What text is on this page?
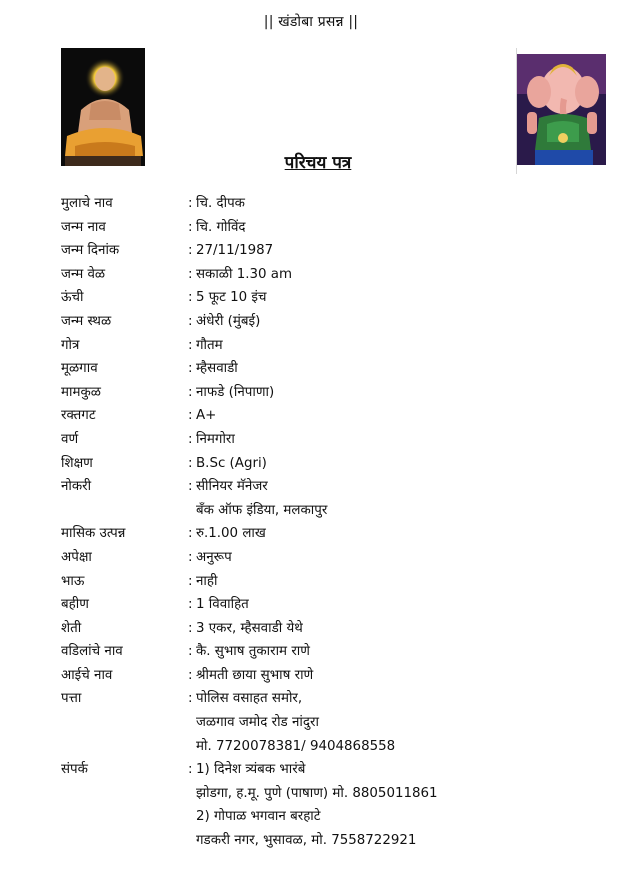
|| खंडोबा प्रसन्न ||
परिचय पत्र
मुलाचे नाव	: चि. दीपक
जन्म नाव	: चि. गोविंद
जन्म दिनांक	: 27/11/1987
जन्म वेळ	: सकाळी 1.30 am
ऊंची	: 5 फूट 10 इंच
जन्म स्थळ	: अंधेरी (मुंबई)
गोत्र	: गौतम
मूळगाव	: म्हैसवाडी
मामकुळ	: नाफडे (निपाणा)
रक्तगट	: A+
वर्ण	: निमगोरा
शिक्षण	: B.Sc (Agri)
नोकरी	: सीनियर मॅनेजर
बँक ऑफ इंडिया, मलकापुर
मासिक उत्पन्न	: रु.1.00 लाख
अपेक्षा	: अनुरूप
भाऊ	: नाही
बहीण	: 1 विवाहित
शेती	: 3 एकर, म्हैसवाडी येथे
वडिलांचे नाव	: कै. सुभाष तुकाराम राणे
आईचे नाव	: श्रीमती छाया सुभाष राणे
पत्ता	: पोलिस वसाहत समोर,
जळगाव जमोद रोड नांदुरा
मो. 7720078381/ 9404868558
संपर्क	: 1) दिनेश त्र्यंबक भारंबे
झोडगा, ह.मू. पुणे (पाषाण) मो. 8805011861
2) गोपाळ भगवान बरहाटे
गडकरी नगर, भुसावळ, मो. 7558722921
